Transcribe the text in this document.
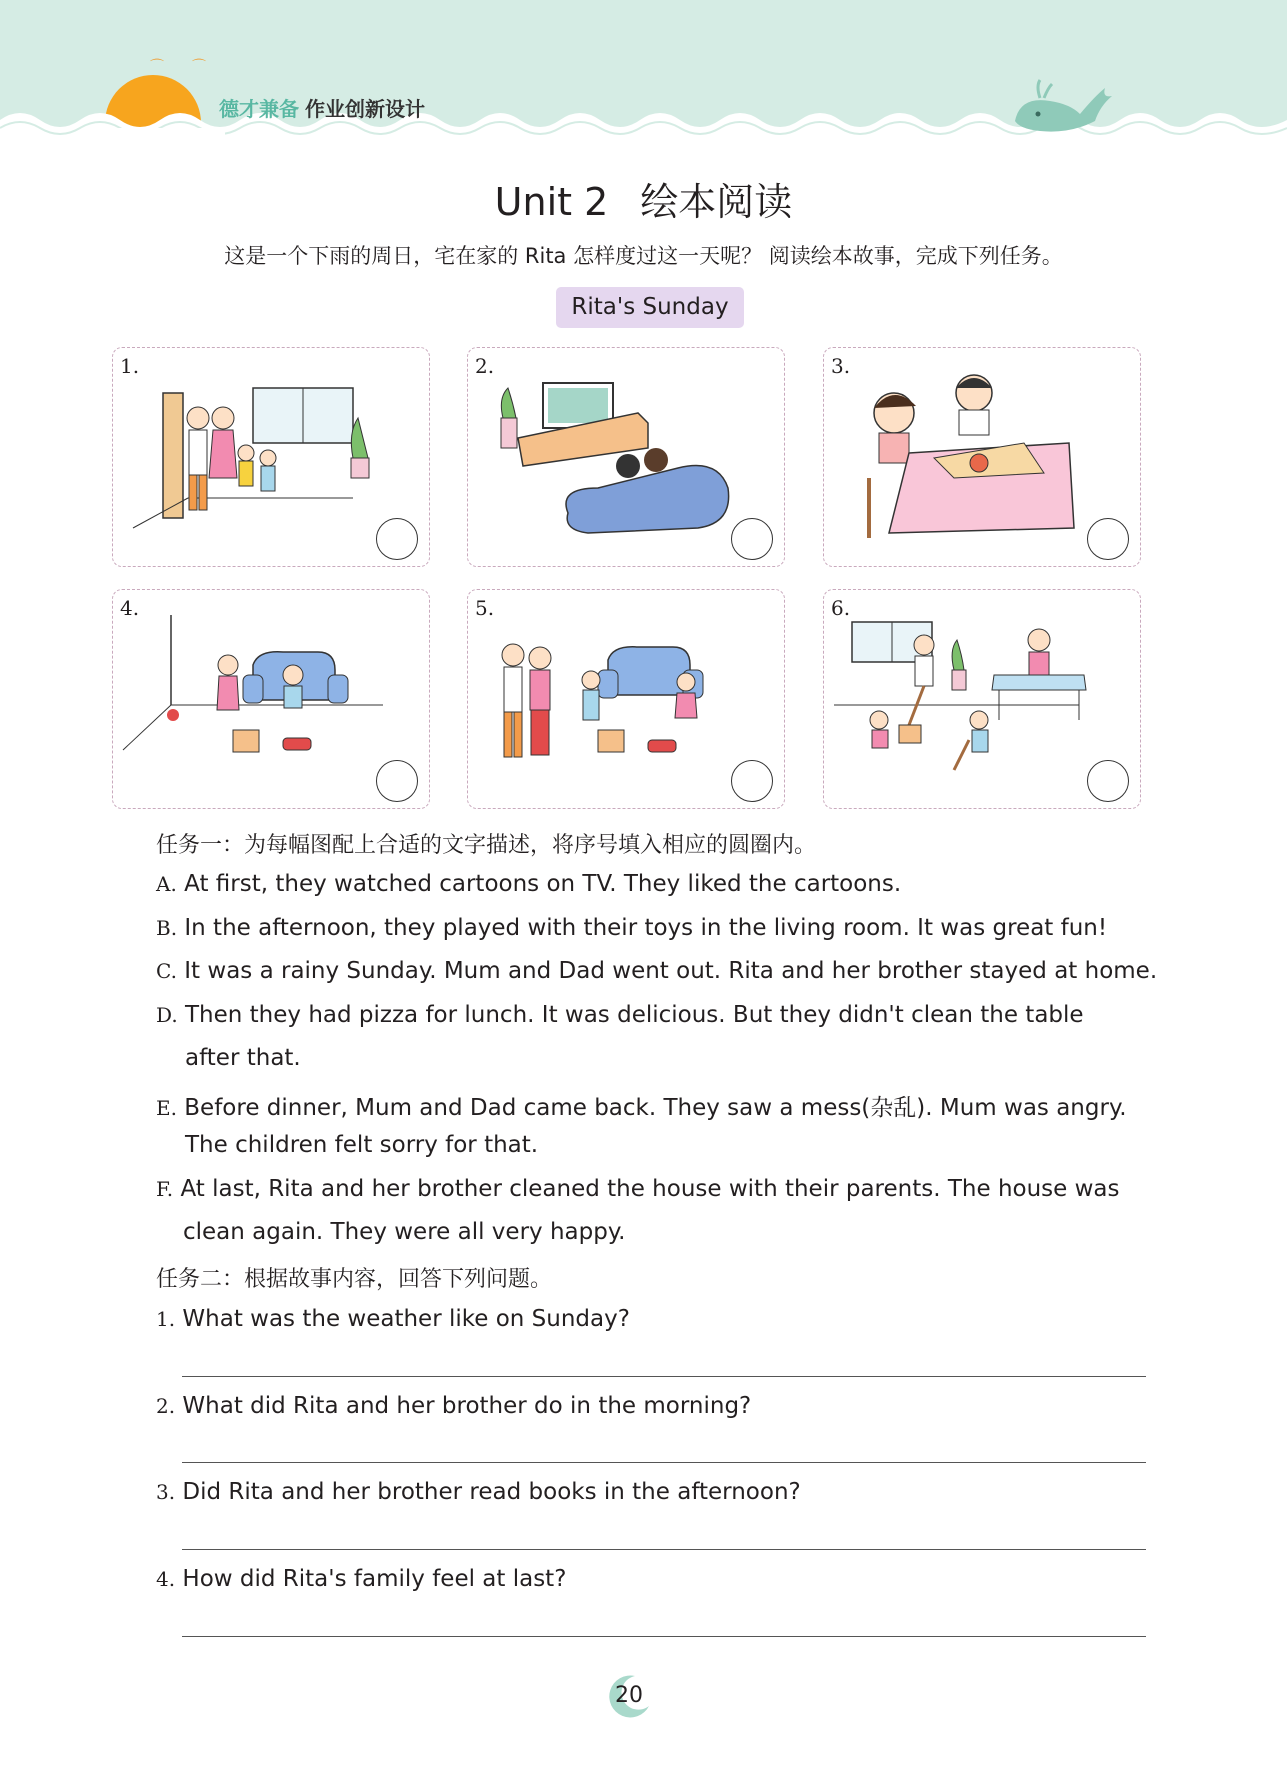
⌒⌒
德才兼备 作业创新设计
Unit 2 绘本阅读
这是一个下雨的周日，宅在家的 Rita 怎样度过这一天呢？ 阅读绘本故事，完成下列任务。
Rita's Sunday
1.	2.	3.
4.	5.	6.
任务一：为每幅图配上合适的文字描述，将序号填入相应的圆圈内。
A. At first, they watched cartoons on TV. They liked the cartoons.
B. In the afternoon, they played with their toys in the living room. It was great fun!
C. It was a rainy Sunday. Mum and Dad went out. Rita and her brother stayed at home.
D. Then they had pizza for lunch. It was delicious. But they didn't clean the table
after that.
E. Before dinner, Mum and Dad came back. They saw a mess(杂乱). Mum was angry.
The children felt sorry for that.
F. At last, Rita and her brother cleaned the house with their parents. The house was
clean again. They were all very happy.
任务二：根据故事内容，回答下列问题。
1. What was the weather like on Sunday?
2. What did Rita and her brother do in the morning?
3. Did Rita and her brother read books in the afternoon?
4. How did Rita's family feel at last?
20
